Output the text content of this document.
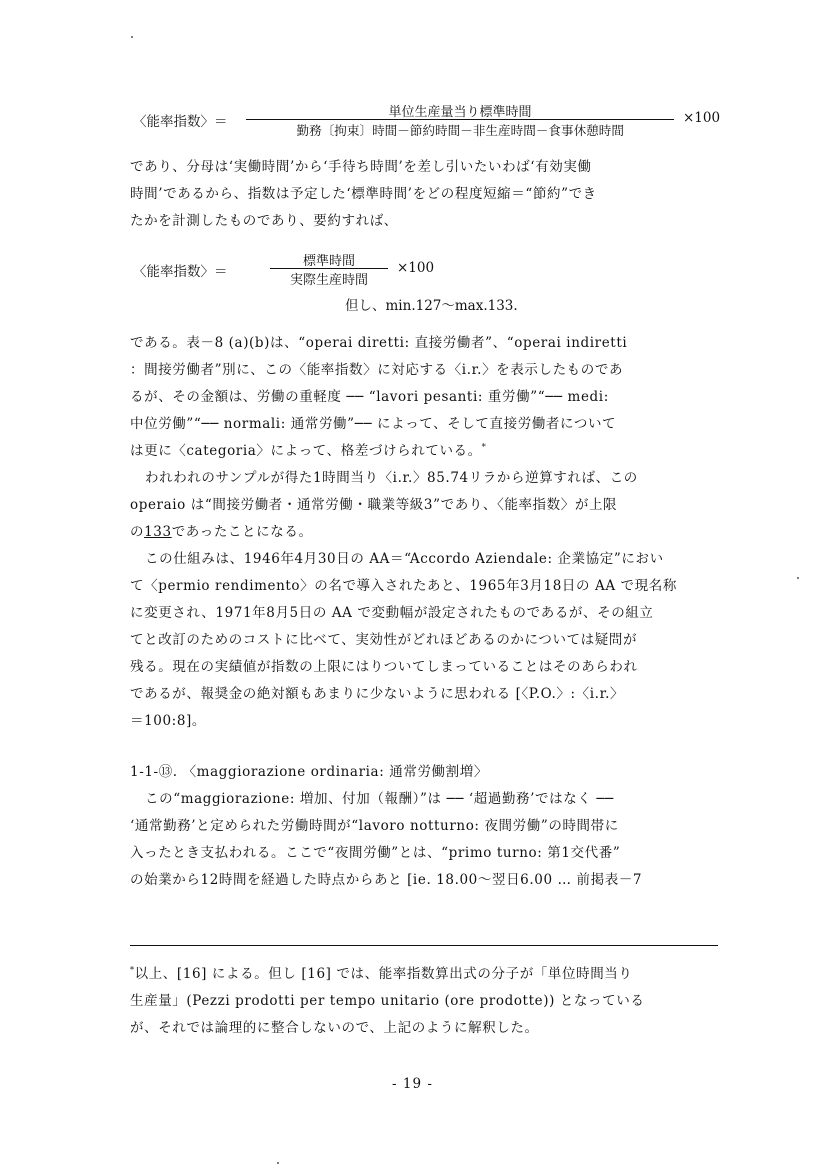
〈能率指数〉＝
単位生産量当り標準時間
勤務〔拘束〕時間－節約時間－非生産時間－食事休憩時間
×100
であり、分母は‘実働時間’から‘手待ち時間’を差し引いたいわば‘有効実働
時間’であるから、指数は予定した‘標準時間’をどの程度短縮＝“節約”でき
たかを計測したものであり、要約すれば、
〈能率指数〉＝
標準時間
実際生産時間
×100
但し、min.127～max.133.
である。表－8 (a)(b)は、“operai diretti: 直接労働者”、“operai indiretti
：間接労働者”別に、この〈能率指数〉に対応する〈i.r.〉を表示したものであ
るが、その金額は、労働の重軽度 ── “lavori pesanti: 重労働”“── medi:
中位労働”“── normali: 通常労働”── によって、そして直接労働者について
は更に〈categoria〉によって、格差づけられている。*
われわれのサンプルが得た1時間当り〈i.r.〉85.74リラから逆算すれば、この
operaio は“間接労働者・通常労働・職業等級3”であり、〈能率指数〉が上限
の133であったことになる。
この仕組みは、1946年4月30日の AA＝“Accordo Aziendale: 企業協定”におい
て〈permio rendimento〉の名で導入されたあと、1965年3月18日の AA で現名称
に変更され、1971年8月5日の AA で変動幅が設定されたものであるが、その組立
てと改訂のためのコストに比べて、実効性がどれほどあるのかについては疑問が
残る。現在の実績値が指数の上限にはりついてしまっていることはそのあらわれ
であるが、報奨金の絶対額もあまりに少ないように思われる [〈P.O.〉:〈i.r.〉
＝100:8]。
1-1-⑬. 〈maggiorazione ordinaria: 通常労働割増〉
この“maggiorazione: 増加、付加（報酬）”は ── ‘超過勤務’ではなく ──
‘通常勤務’と定められた労働時間が“lavoro notturno: 夜間労働”の時間帯に
入ったとき支払われる。ここで“夜間労働”とは、“primo turno: 第1交代番”
の始業から12時間を経過した時点からあと [ie. 18.00～翌日6.00 … 前掲表－7
*以上、[16] による。但し [16] では、能率指数算出式の分子が「単位時間当り
生産量」(Pezzi prodotti per tempo unitario (ore prodotte)) となっている
が、それでは論理的に整合しないので、上記のように解釈した。
- 19 -
